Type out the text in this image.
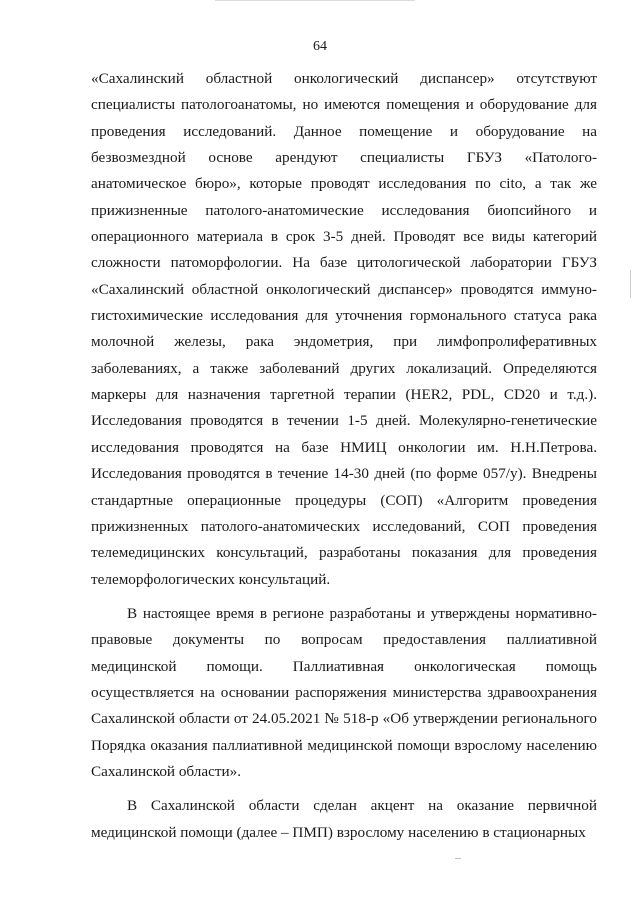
64

«Сахалинский областной онкологический диспансер» отсутствуют специалисты патологоанатомы, но имеются помещения и оборудование для проведения исследований. Данное помещение и оборудование на безвозмездной основе арендуют специалисты ГБУЗ «Патолого-анатомическое бюро», которые проводят исследования по cito, а так же прижизненные патолого-анатомические исследования биопсийного и операционного материала в срок 3-5 дней. Проводят все виды категорий сложности патоморфологии. На базе цитологической лаборатории ГБУЗ «Сахалинский областной онкологический диспансер» проводятся иммуно-гистохимические исследования для уточнения гормонального статуса рака молочной железы, рака эндометрия, при лимфопролиферативных заболеваниях, а также заболеваний других локализаций. Определяются маркеры для назначения таргетной терапии (HER2, PDL, CD20 и т.д.). Исследования проводятся в течении 1-5 дней. Молекулярно-генетические исследования проводятся на базе НМИЦ онкологии им. Н.Н.Петрова. Исследования проводятся в течение 14-30 дней (по форме 057/у). Внедрены стандартные операционные процедуры (СОП) «Алгоритм проведения прижизненных патолого-анатомических исследований, СОП проведения телемедицинских консультаций, разработаны показания для проведения телеморфологических консультаций.

В настоящее время в регионе разработаны и утверждены нормативно-правовые документы по вопросам предоставления паллиативной медицинской помощи. Паллиативная онкологическая помощь осуществляется на основании распоряжения министерства здравоохранения Сахалинской области от 24.05.2021 № 518-р «Об утверждении регионального Порядка оказания паллиативной медицинской помощи взрослому населению Сахалинской области».

В Сахалинской области сделан акцент на оказание первичной медицинской помощи (далее – ПМП) взрослому населению в стационарных
